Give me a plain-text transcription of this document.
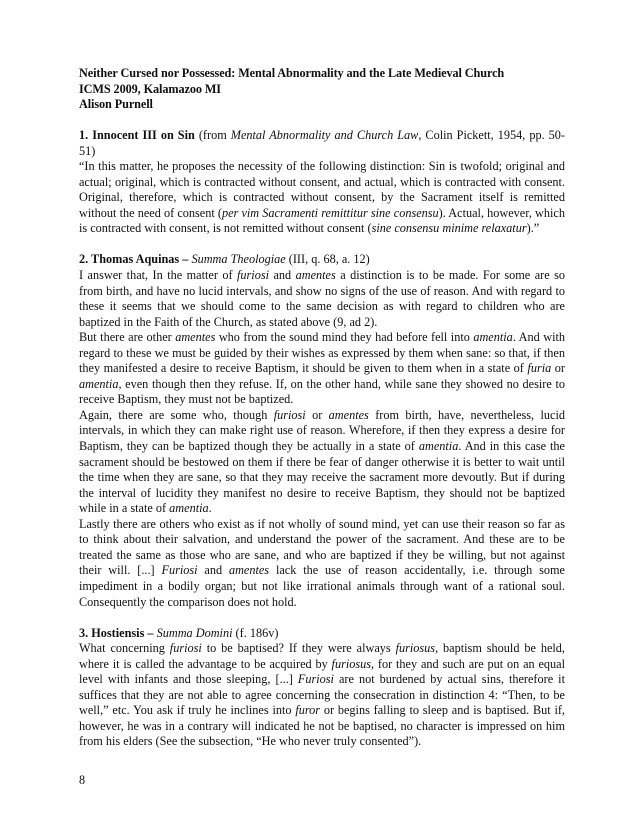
Neither Cursed nor Possessed: Mental Abnormality and the Late Medieval Church

ICMS 2009, Kalamazoo MI

Alison Purnell

1. Innocent III on Sin (from Mental Abnormality and Church Law, Colin Pickett, 1954, pp. 50-51)

“In this matter, he proposes the necessity of the following distinction: Sin is twofold; original and actual; original, which is contracted without consent, and actual, which is contracted with consent. Original, therefore, which is contracted without consent, by the Sacrament itself is remitted without the need of consent (per vim Sacramenti remittitur sine consensu). Actual, however, which is contracted with consent, is not remitted without consent (sine consensu minime relaxatur).”

2. Thomas Aquinas – Summa Theologiae (III, q. 68, a. 12)

I answer that, In the matter of furiosi and amentes a distinction is to be made. For some are so from birth, and have no lucid intervals, and show no signs of the use of reason. And with regard to these it seems that we should come to the same decision as with regard to children who are baptized in the Faith of the Church, as stated above (9, ad 2).

But there are other amentes who from the sound mind they had before fell into amentia. And with regard to these we must be guided by their wishes as expressed by them when sane: so that, if then they manifested a desire to receive Baptism, it should be given to them when in a state of furia or amentia, even though then they refuse. If, on the other hand, while sane they showed no desire to receive Baptism, they must not be baptized.

Again, there are some who, though furiosi or amentes from birth, have, nevertheless, lucid intervals, in which they can make right use of reason. Wherefore, if then they express a desire for Baptism, they can be baptized though they be actually in a state of amentia. And in this case the sacrament should be bestowed on them if there be fear of danger otherwise it is better to wait until the time when they are sane, so that they may receive the sacrament more devoutly. But if during the interval of lucidity they manifest no desire to receive Baptism, they should not be baptized while in a state of amentia.

Lastly there are others who exist as if not wholly of sound mind, yet can use their reason so far as to think about their salvation, and understand the power of the sacrament. And these are to be treated the same as those who are sane, and who are baptized if they be willing, but not against their will. [...] Furiosi and amentes lack the use of reason accidentally, i.e. through some impediment in a bodily organ; but not like irrational animals through want of a rational soul. Consequently the comparison does not hold.

3. Hostiensis – Summa Domini (f. 186v)

What concerning furiosi to be baptised? If they were always furiosus, baptism should be held, where it is called the advantage to be acquired by furiosus, for they and such are put on an equal level with infants and those sleeping, [...] Furiosi are not burdened by actual sins, therefore it suffices that they are not able to agree concerning the consecration in distinction 4: “Then, to be well,” etc. You ask if truly he inclines into furor or begins falling to sleep and is baptised. But if, however, he was in a contrary will indicated he not be baptised, no character is impressed on him from his elders (See the subsection, “He who never truly consented”).

8
